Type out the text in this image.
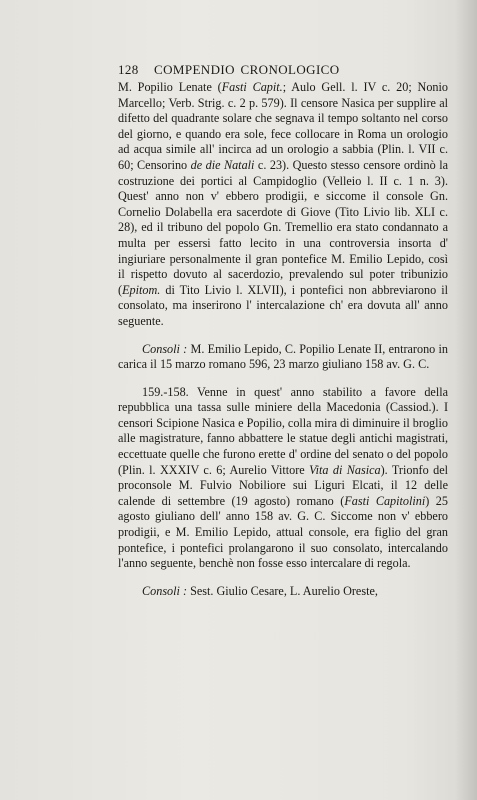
128 COMPENDIO CRONOLOGICO

M. Popilio Lenate (Fasti Capit.; Aulo Gell. l. IV c. 20; Nonio Marcello; Verb. Strig. c. 2 p. 579). Il censore Nasica per supplire al difetto del quadrante solare che segnava il tempo soltanto nel corso del giorno, e quando era sole, fece collocare in Roma un orologio ad acqua simile all' incirca ad un orologio a sabbia (Plin. l. VII c. 60; Censorino de die Natali c. 23). Questo stesso censore ordinò la costruzione dei portici al Campidoglio (Velleio l. II c. 1 n. 3). Quest' anno non v' ebbero prodigii, e siccome il console Gn. Cornelio Dolabella era sacerdote di Giove (Tito Livio lib. XLI c. 28), ed il tribuno del popolo Gn. Tremellio era stato condannato a multa per essersi fatto lecito in una controversia insorta d' ingiuriare personalmente il gran pontefice M. Emilio Lepido, così il rispetto dovuto al sacerdozio, prevalendo sul poter tribunizio (Epitom. di Tito Livio l. XLVII), i pontefici non abbreviarono il consolato, ma inserirono l' intercalazione ch' era dovuta all' anno seguente.

Consoli : M. Emilio Lepido, C. Popilio Lenate II, entrarono in carica il 15 marzo romano 596, 23 marzo giuliano 158 av. G. C.

159.-158. Venne in quest' anno stabilito a favore della repubblica una tassa sulle miniere della Macedonia (Cassiod.). I censori Scipione Nasica e Popilio, colla mira di diminuire il broglio alle magistrature, fanno abbattere le statue degli antichi magistrati, eccettuate quelle che furono erette d' ordine del senato o del popolo (Plin. l. XXXIV c. 6; Aurelio Vittore Vita di Nasica). Trionfo del proconsole M. Fulvio Nobiliore sui Liguri Elcati, il 12 delle calende di settembre (19 agosto) romano (Fasti Capitolini) 25 agosto giuliano dell' anno 158 av. G. C. Siccome non v' ebbero prodigii, e M. Emilio Lepido, attual console, era figlio del gran pontefice, i pontefici prolangarono il suo consolato, intercalando l'anno seguente, benchè non fosse esso intercalare di regola.

Consoli : Sest. Giulio Cesare, L. Aurelio Oreste,
